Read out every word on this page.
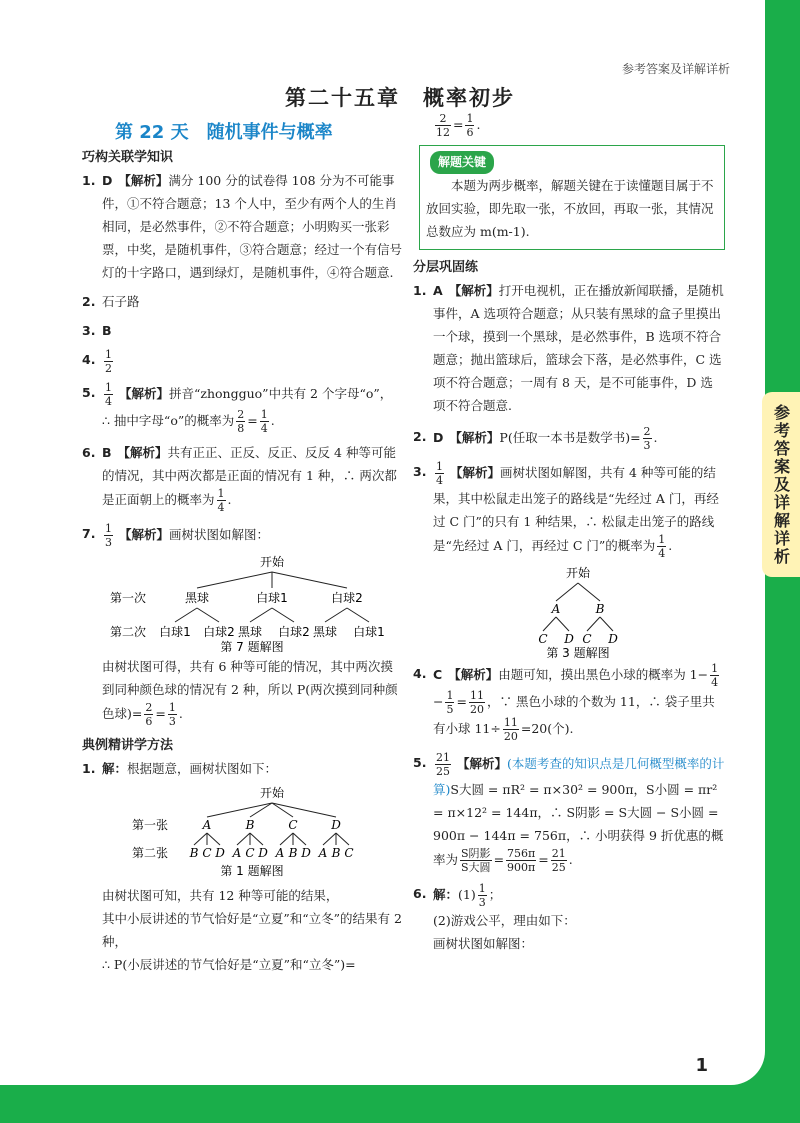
参考答案及详解详析
第二十五章　概率初步
第 22 天　随机事件与概率
巧构关联学知识
1. D 【解析】满分 100 分的试卷得 108 分为不可能事件，①不符合题意；13 个人中，至少有两个人的生肖相同，是必然事件，②不符合题意；小明购买一张彩票，中奖，是随机事件，③符合题意；经过一个有信号灯的十字路口，遇到绿灯，是随机事件，④符合题意.
2. 石子路
3. B
4. $\frac{1}{2}$
5. $\frac{1}{4}$ 【解析】拼音“zhongguo”中共有 2 个字母“o”，
∴ 抽中字母“o”的概率为 $\frac{2}{8} = \frac{1}{4}$ .
6. B 【解析】共有正正、正反、反正、反反 4 种等可能的情况，其中两次都是正面的情况有 1 种，∴ 两次都是正面朝上的概率为 $\frac{1}{4}$ .
7. $\frac{1}{3}$ 【解析】画树状图如解图：
开始
第一次	黑球	白球1	白球2
第二次 白球1 白球2 黑球 白球2 黑球 白球1
第 7 题解图
由树状图可得，共有 6 种等可能的情况，其中两次摸到同种颜色球的情况有 2 种，所以 P(两次摸到同种颜色球)= $\frac{2}{6} = \frac{1}{3}$ .
典例精讲学方法
1. 解：根据题意，画树状图如下：
开始
第一张	A	B	C	D
第二张 B C D A C D A B D A B C
第 1 题解图
由树状图可知，共有 12 种等可能的结果，
其中小辰讲述的节气恰好是“立夏”和“立冬”的结果有 2 种，
∴ P(小辰讲述的节气恰好是“立夏”和“立冬”)=
$\frac{2}{12} = \frac{1}{6}$ .
解题关键
本题为两步概率，解题关键在于读懂题目属于不放回实验，即先取一张，不放回，再取一张，其情况总数应为 m(m-1).
分层巩固练
1. A 【解析】打开电视机，正在播放新闻联播，是随机事件，A 选项符合题意；从只装有黑球的盒子里摸出一个球，摸到一个黑球，是必然事件，B 选项不符合题意；抛出篮球后，篮球会下落，是必然事件，C 选项不符合题意；一周有 8 天，是不可能事件，D 选项不符合题意.
2. D 【解析】P(任取一本书是数学书)= $\frac{2}{3}$ .
3. $\frac{1}{4}$ 【解析】画树状图如解图，共有 4 种等可能的结果，其中松鼠走出笼子的路线是“先经过 A 门，再经过 C 门”的只有 1 种结果，∴ 松鼠走出笼子的路线是“先经过 A 门，再经过 C 门”的概率为 $\frac{1}{4}$ .
开始
A	B
C D C D
第 3 题解图
4. C 【解析】由题可知，摸出黑色小球的概率为 $1- \frac{1}{4}$
− $\frac{1}{5} = \frac{11}{20}$ ，∵ 黑色小球的个数为 11，∴ 袋子里共有小球 $11\div \frac{11}{20} =20$(个).
5. $\frac{21}{25}$ 【解析】(本题考查的知识点是几何概型概率的计算)S大圆 = πR² = π×30² = 900π，S小圆 = πr² = π×12² = 144π，∴ S阴影 = S大圆 − S小圆 = 900π − 144π = 756π，∴ 小明获得 9 折优惠的概率为 $\frac{\text{S阴影}}{\text{S大圆}} = \frac{756\pi}{900\pi} = \frac{21}{25}$ .
6. 解：$(1) \frac{1}{3}$ ；
(2)游戏公平，理由如下：
画树状图如解图：
参考答案及详解详析
1
